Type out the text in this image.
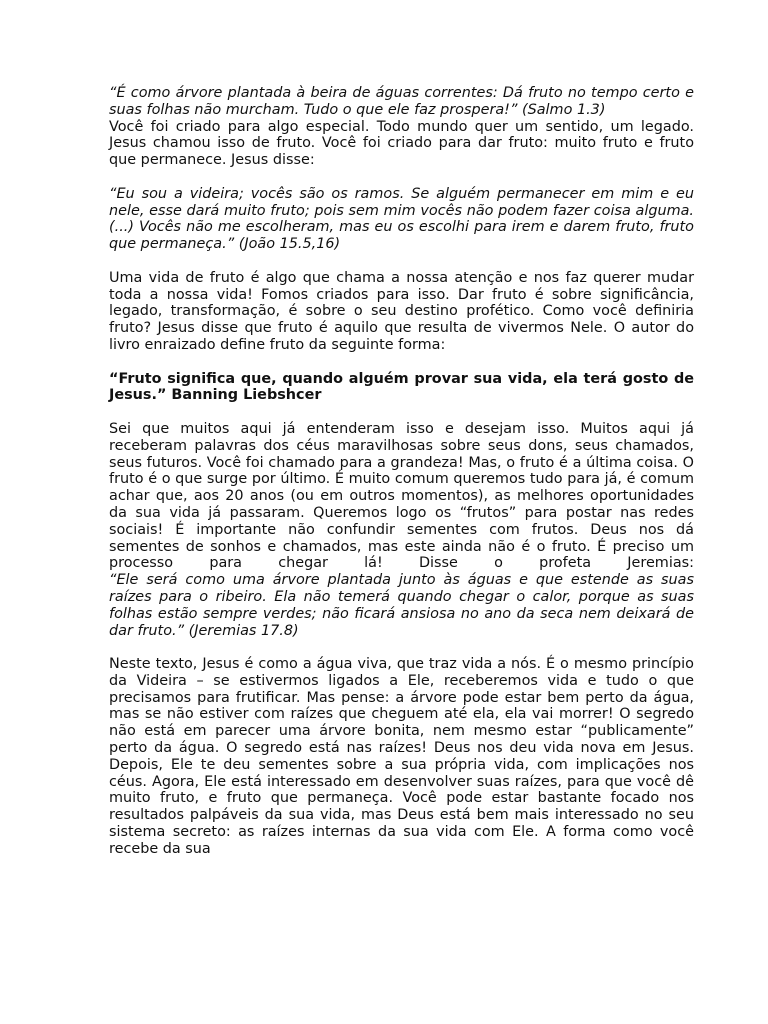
“É como árvore plantada à beira de águas correntes: Dá fruto no tempo certo e suas folhas não murcham. Tudo o que ele faz prospera!” (Salmo 1.3)

Você foi criado para algo especial. Todo mundo quer um sentido, um legado. Jesus chamou isso de fruto. Você foi criado para dar fruto: muito fruto e fruto que permanece. Jesus disse:

“Eu sou a videira; vocês são os ramos. Se alguém permanecer em mim e eu nele, esse dará muito fruto; pois sem mim vocês não podem fazer coisa alguma. (...) Vocês não me escolheram, mas eu os escolhi para irem e darem fruto, fruto que permaneça.” (João 15.5,16)

Uma vida de fruto é algo que chama a nossa atenção e nos faz querer mudar toda a nossa vida! Fomos criados para isso. Dar fruto é sobre significância, legado, transformação, é sobre o seu destino profético. Como você definiria fruto? Jesus disse que fruto é aquilo que resulta de vivermos Nele. O autor do livro enraizado define fruto da seguinte forma:

“Fruto significa que, quando alguém provar sua vida, ela terá gosto de Jesus.” Banning Liebshcer

Sei que muitos aqui já entenderam isso e desejam isso. Muitos aqui já receberam palavras dos céus maravilhosas sobre seus dons, seus chamados, seus futuros. Você foi chamado para a grandeza! Mas, o fruto é a última coisa. O fruto é o que surge por último. É muito comum queremos tudo para já, é comum achar que, aos 20 anos (ou em outros momentos), as melhores oportunidades da sua vida já passaram. Queremos logo os “frutos” para postar nas redes sociais! É importante não confundir sementes com frutos. Deus nos dá sementes de sonhos e chamados, mas este ainda não é o fruto. É preciso um processo para chegar lá! Disse o profeta Jeremias:

“Ele será como uma árvore plantada junto às águas e que estende as suas raízes para o ribeiro. Ela não temerá quando chegar o calor, porque as suas folhas estão sempre verdes; não ficará ansiosa no ano da seca nem deixará de dar fruto.” (Jeremias 17.8)

Neste texto, Jesus é como a água viva, que traz vida a nós. É o mesmo princípio da Videira – se estivermos ligados a Ele, receberemos vida e tudo o que precisamos para frutificar. Mas pense: a árvore pode estar bem perto da água, mas se não estiver com raízes que cheguem até ela, ela vai morrer! O segredo não está em parecer uma árvore bonita, nem mesmo estar “publicamente” perto da água. O segredo está nas raízes! Deus nos deu vida nova em Jesus. Depois, Ele te deu sementes sobre a sua própria vida, com implicações nos céus. Agora, Ele está interessado em desenvolver suas raízes, para que você dê muito fruto, e fruto que permaneça. Você pode estar bastante focado nos resultados palpáveis da sua vida, mas Deus está bem mais interessado no seu sistema secreto: as raízes internas da sua vida com Ele. A forma como você recebe da sua
